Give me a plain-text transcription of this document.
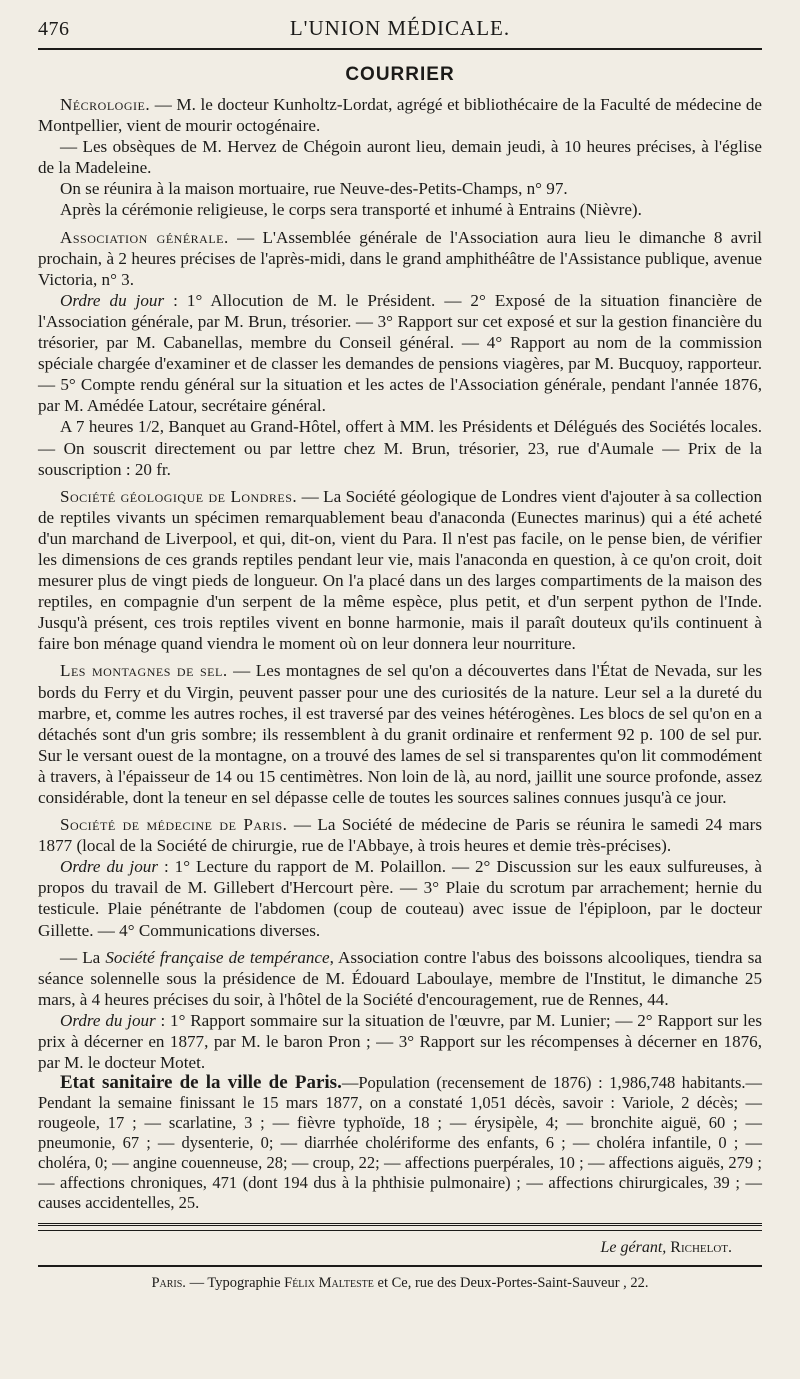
476	L'UNION MÉDICALE.
COURRIER

Nécrologie. — M. le docteur Kunholtz-Lordat, agrégé et bibliothécaire de la Faculté de médecine de Montpellier, vient de mourir octogénaire.

— Les obsèques de M. Hervez de Chégoin auront lieu, demain jeudi, à 10 heures précises, à l'église de la Madeleine.

On se réunira à la maison mortuaire, rue Neuve-des-Petits-Champs, n° 97.

Après la cérémonie religieuse, le corps sera transporté et inhumé à Entrains (Nièvre).

Association générale. — L'Assemblée générale de l'Association aura lieu le dimanche 8 avril prochain, à 2 heures précises de l'après-midi, dans le grand amphithéâtre de l'Assistance publique, avenue Victoria, n° 3.

Ordre du jour : 1° Allocution de M. le Président. — 2° Exposé de la situation financière de l'Association générale, par M. Brun, trésorier. — 3° Rapport sur cet exposé et sur la gestion financière du trésorier, par M. Cabanellas, membre du Conseil général. — 4° Rapport au nom de la commission spéciale chargée d'examiner et de classer les demandes de pensions viagères, par M. Bucquoy, rapporteur. — 5° Compte rendu général sur la situation et les actes de l'Association générale, pendant l'année 1876, par M. Amédée Latour, secrétaire général.

A 7 heures 1/2, Banquet au Grand-Hôtel, offert à MM. les Présidents et Délégués des Sociétés locales. — On souscrit directement ou par lettre chez M. Brun, trésorier, 23, rue d'Aumale — Prix de la souscription : 20 fr.

Société géologique de Londres. — La Société géologique de Londres vient d'ajouter à sa collection de reptiles vivants un spécimen remarquablement beau d'anaconda (Eunectes marinus) qui a été acheté d'un marchand de Liverpool, et qui, dit-on, vient du Para. Il n'est pas facile, on le pense bien, de vérifier les dimensions de ces grands reptiles pendant leur vie, mais l'anaconda en question, à ce qu'on croit, doit mesurer plus de vingt pieds de longueur. On l'a placé dans un des larges compartiments de la maison des reptiles, en compagnie d'un serpent de la même espèce, plus petit, et d'un serpent python de l'Inde. Jusqu'à présent, ces trois reptiles vivent en bonne harmonie, mais il paraît douteux qu'ils continuent à faire bon ménage quand viendra le moment où on leur donnera leur nourriture.

Les montagnes de sel. — Les montagnes de sel qu'on a découvertes dans l'État de Nevada, sur les bords du Ferry et du Virgin, peuvent passer pour une des curiosités de la nature. Leur sel a la dureté du marbre, et, comme les autres roches, il est traversé par des veines hétérogènes. Les blocs de sel qu'on en a détachés sont d'un gris sombre; ils ressemblent à du granit ordinaire et renferment 92 p. 100 de sel pur. Sur le versant ouest de la montagne, on a trouvé des lames de sel si transparentes qu'on lit commodément à travers, à l'épaisseur de 14 ou 15 centimètres. Non loin de là, au nord, jaillit une source profonde, assez considérable, dont la teneur en sel dépasse celle de toutes les sources salines connues jusqu'à ce jour.

Société de médecine de Paris. — La Société de médecine de Paris se réunira le samedi 24 mars 1877 (local de la Société de chirurgie, rue de l'Abbaye, à trois heures et demie très-précises).

Ordre du jour : 1° Lecture du rapport de M. Polaillon. — 2° Discussion sur les eaux sulfureuses, à propos du travail de M. Gillebert d'Hercourt père. — 3° Plaie du scrotum par arrachement; hernie du testicule. Plaie pénétrante de l'abdomen (coup de couteau) avec issue de l'épiploon, par le docteur Gillette. — 4° Communications diverses.

— La Société française de tempérance, Association contre l'abus des boissons alcooliques, tiendra sa séance solennelle sous la présidence de M. Édouard Laboulaye, membre de l'Institut, le dimanche 25 mars, à 4 heures précises du soir, à l'hôtel de la Société d'encouragement, rue de Rennes, 44.

Ordre du jour : 1° Rapport sommaire sur la situation de l'œuvre, par M. Lunier; — 2° Rapport sur les prix à décerner en 1877, par M. le baron Pron ; — 3° Rapport sur les récompenses à décerner en 1876, par M. le docteur Motet.

Etat sanitaire de la ville de Paris.—Population (recensement de 1876) : 1,986,748 habitants.—Pendant la semaine finissant le 15 mars 1877, on a constaté 1,051 décès, savoir : Variole, 2 décès; — rougeole, 17 ; — scarlatine, 3 ; — fièvre typhoïde, 18 ; — érysipèle, 4; — bronchite aiguë, 60 ; — pneumonie, 67 ; — dysenterie, 0; — diarrhée cholériforme des enfants, 6 ; — choléra infantile, 0 ; — choléra, 0; — angine couenneuse, 28; — croup, 22; — affections puerpérales, 10 ; — affections aiguës, 279 ; — affections chroniques, 471 (dont 194 dus à la phthisie pulmonaire) ; — affections chirurgicales, 39 ; — causes accidentelles, 25.
Le gérant, Richelot.
Paris. — Typographie Félix Malteste et Ce, rue des Deux-Portes-Saint-Sauveur , 22.
